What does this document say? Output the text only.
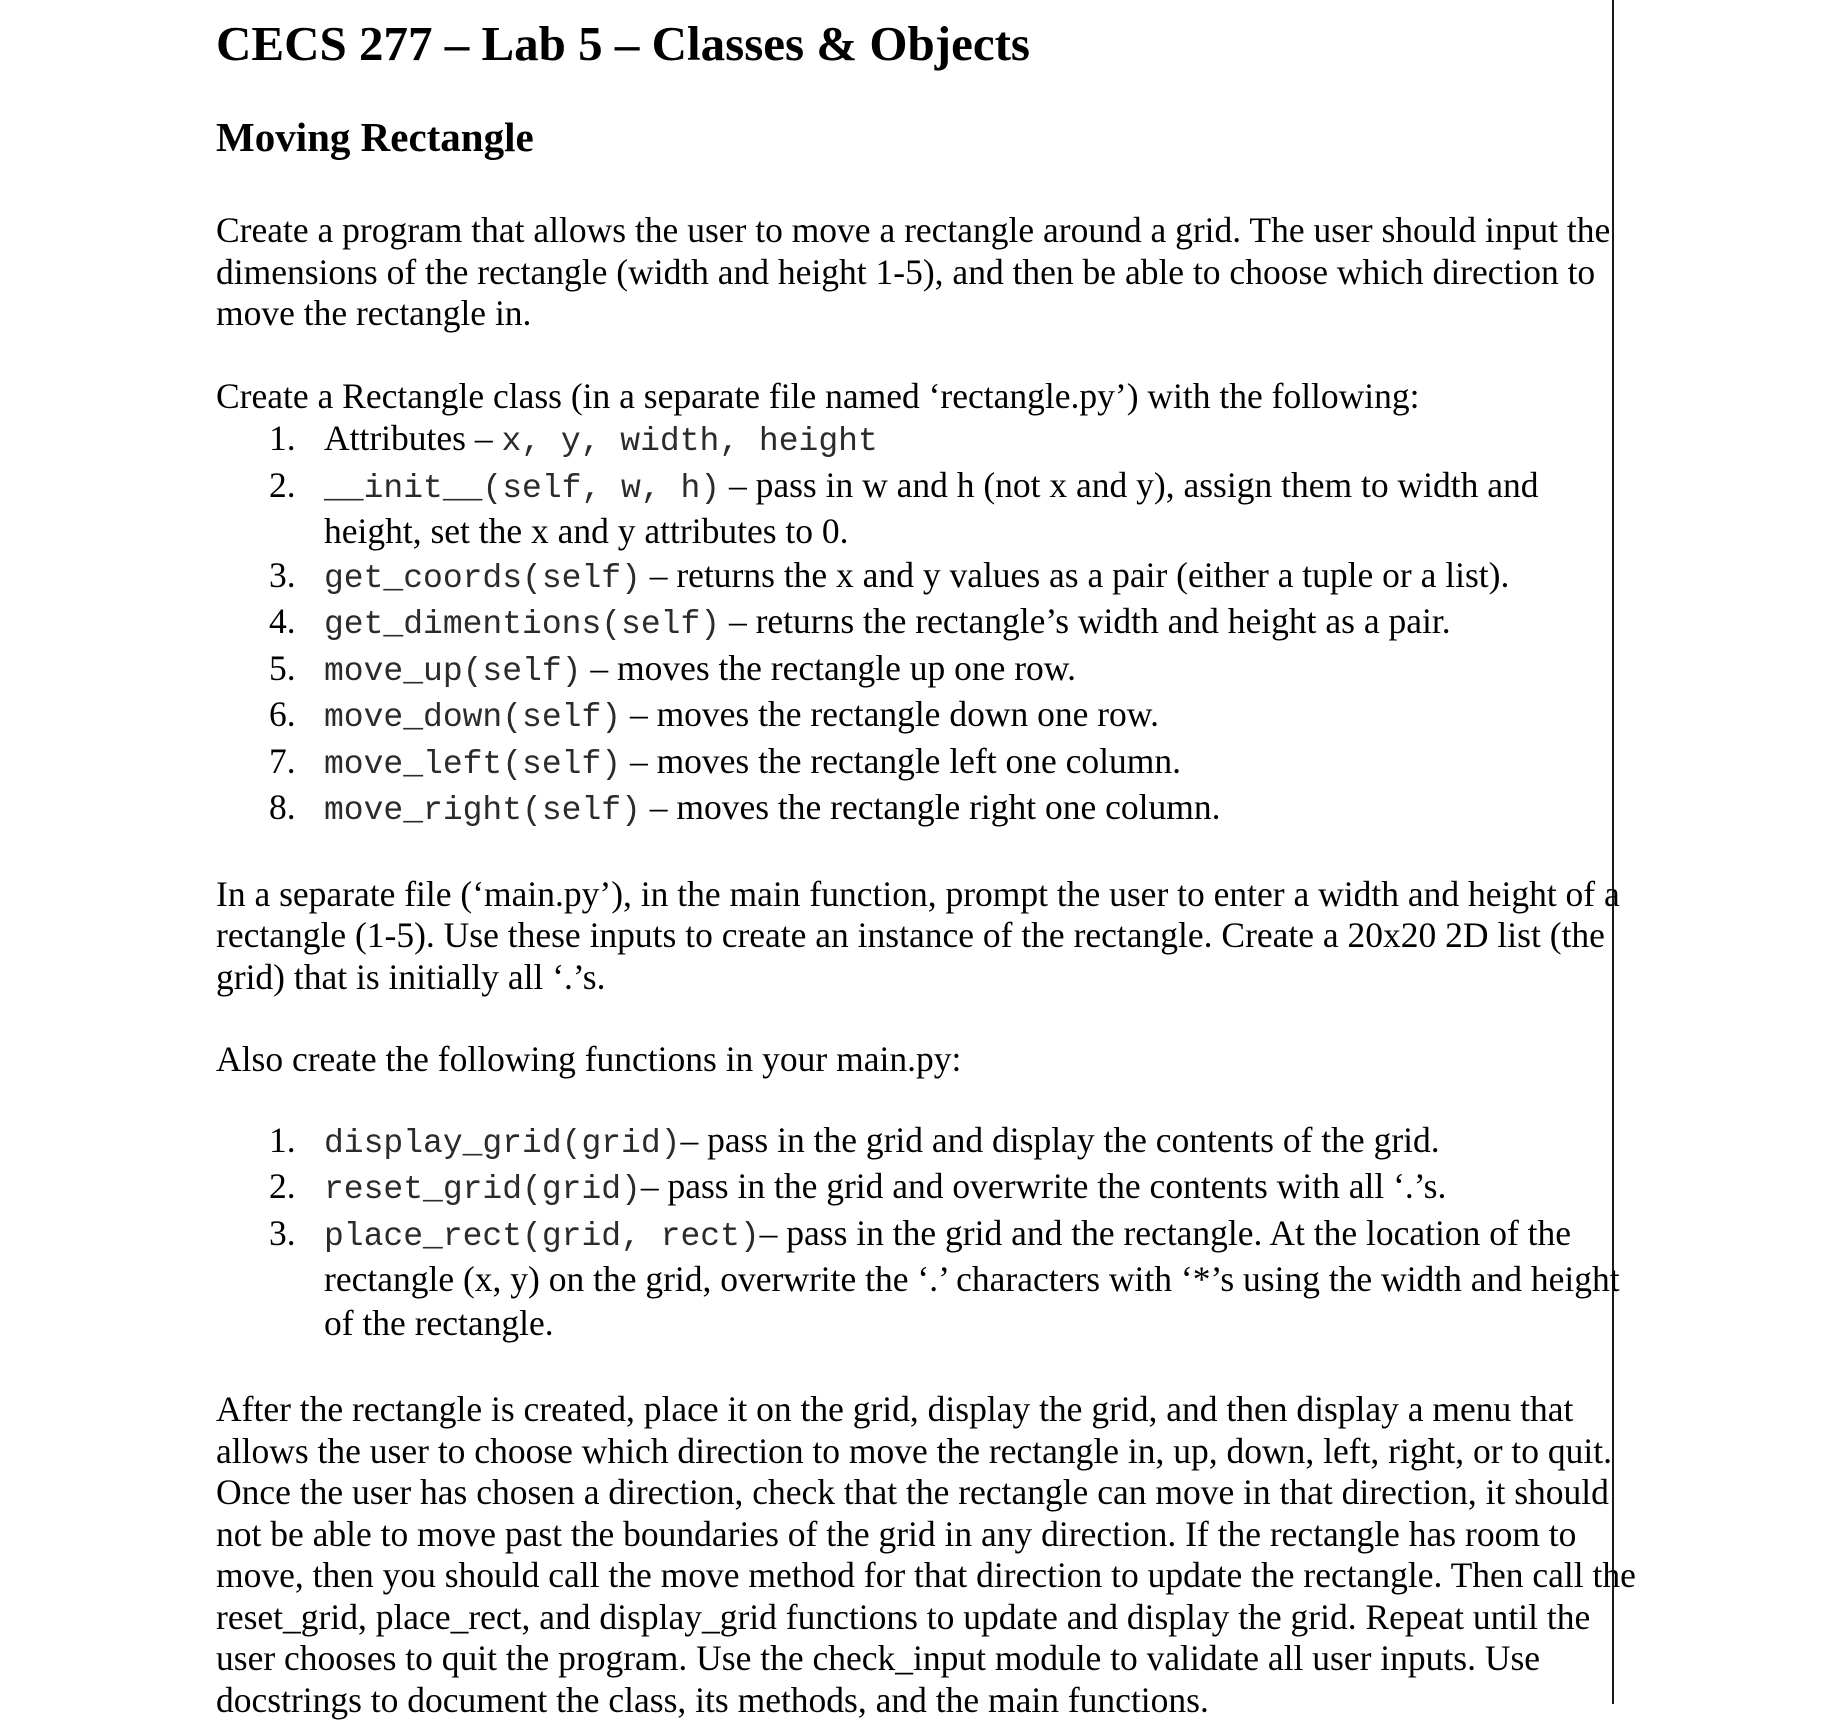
CECS 277 – Lab 5 – Classes & Objects
Moving Rectangle

Create a program that allows the user to move a rectangle around a grid. The user should input the dimensions of the rectangle (width and height 1-5), and then be able to choose which direction to move the rectangle in.

Create a Rectangle class (in a separate file named ‘rectangle.py’) with the following:

1. Attributes – x, y, width, height
2. __init__(self, w, h) – pass in w and h (not x and y), assign them to width and height, set the x and y attributes to 0.
3. get_coords(self) – returns the x and y values as a pair (either a tuple or a list).
4. get_dimentions(self) – returns the rectangle’s width and height as a pair.
5. move_up(self) – moves the rectangle up one row.
6. move_down(self) – moves the rectangle down one row.
7. move_left(self) – moves the rectangle left one column.
8. move_right(self) – moves the rectangle right one column.

In a separate file (‘main.py’), in the main function, prompt the user to enter a width and height of a rectangle (1-5). Use these inputs to create an instance of the rectangle. Create a 20x20 2D list (the grid) that is initially all ‘.’s.

Also create the following functions in your main.py:

1. display_grid(grid)– pass in the grid and display the contents of the grid.
2. reset_grid(grid)– pass in the grid and overwrite the contents with all ‘.’s.
3. place_rect(grid, rect)– pass in the grid and the rectangle. At the location of the rectangle (x, y) on the grid, overwrite the ‘.’ characters with ‘*’s using the width and height of the rectangle.

After the rectangle is created, place it on the grid, display the grid, and then display a menu that allows the user to choose which direction to move the rectangle in, up, down, left, right, or to quit. Once the user has chosen a direction, check that the rectangle can move in that direction, it should not be able to move past the boundaries of the grid in any direction. If the rectangle has room to move, then you should call the move method for that direction to update the rectangle. Then call the reset_grid, place_rect, and display_grid functions to update and display the grid. Repeat until the user chooses to quit the program. Use the check_input module to validate all user inputs. Use docstrings to document the class, its methods, and the main functions.
